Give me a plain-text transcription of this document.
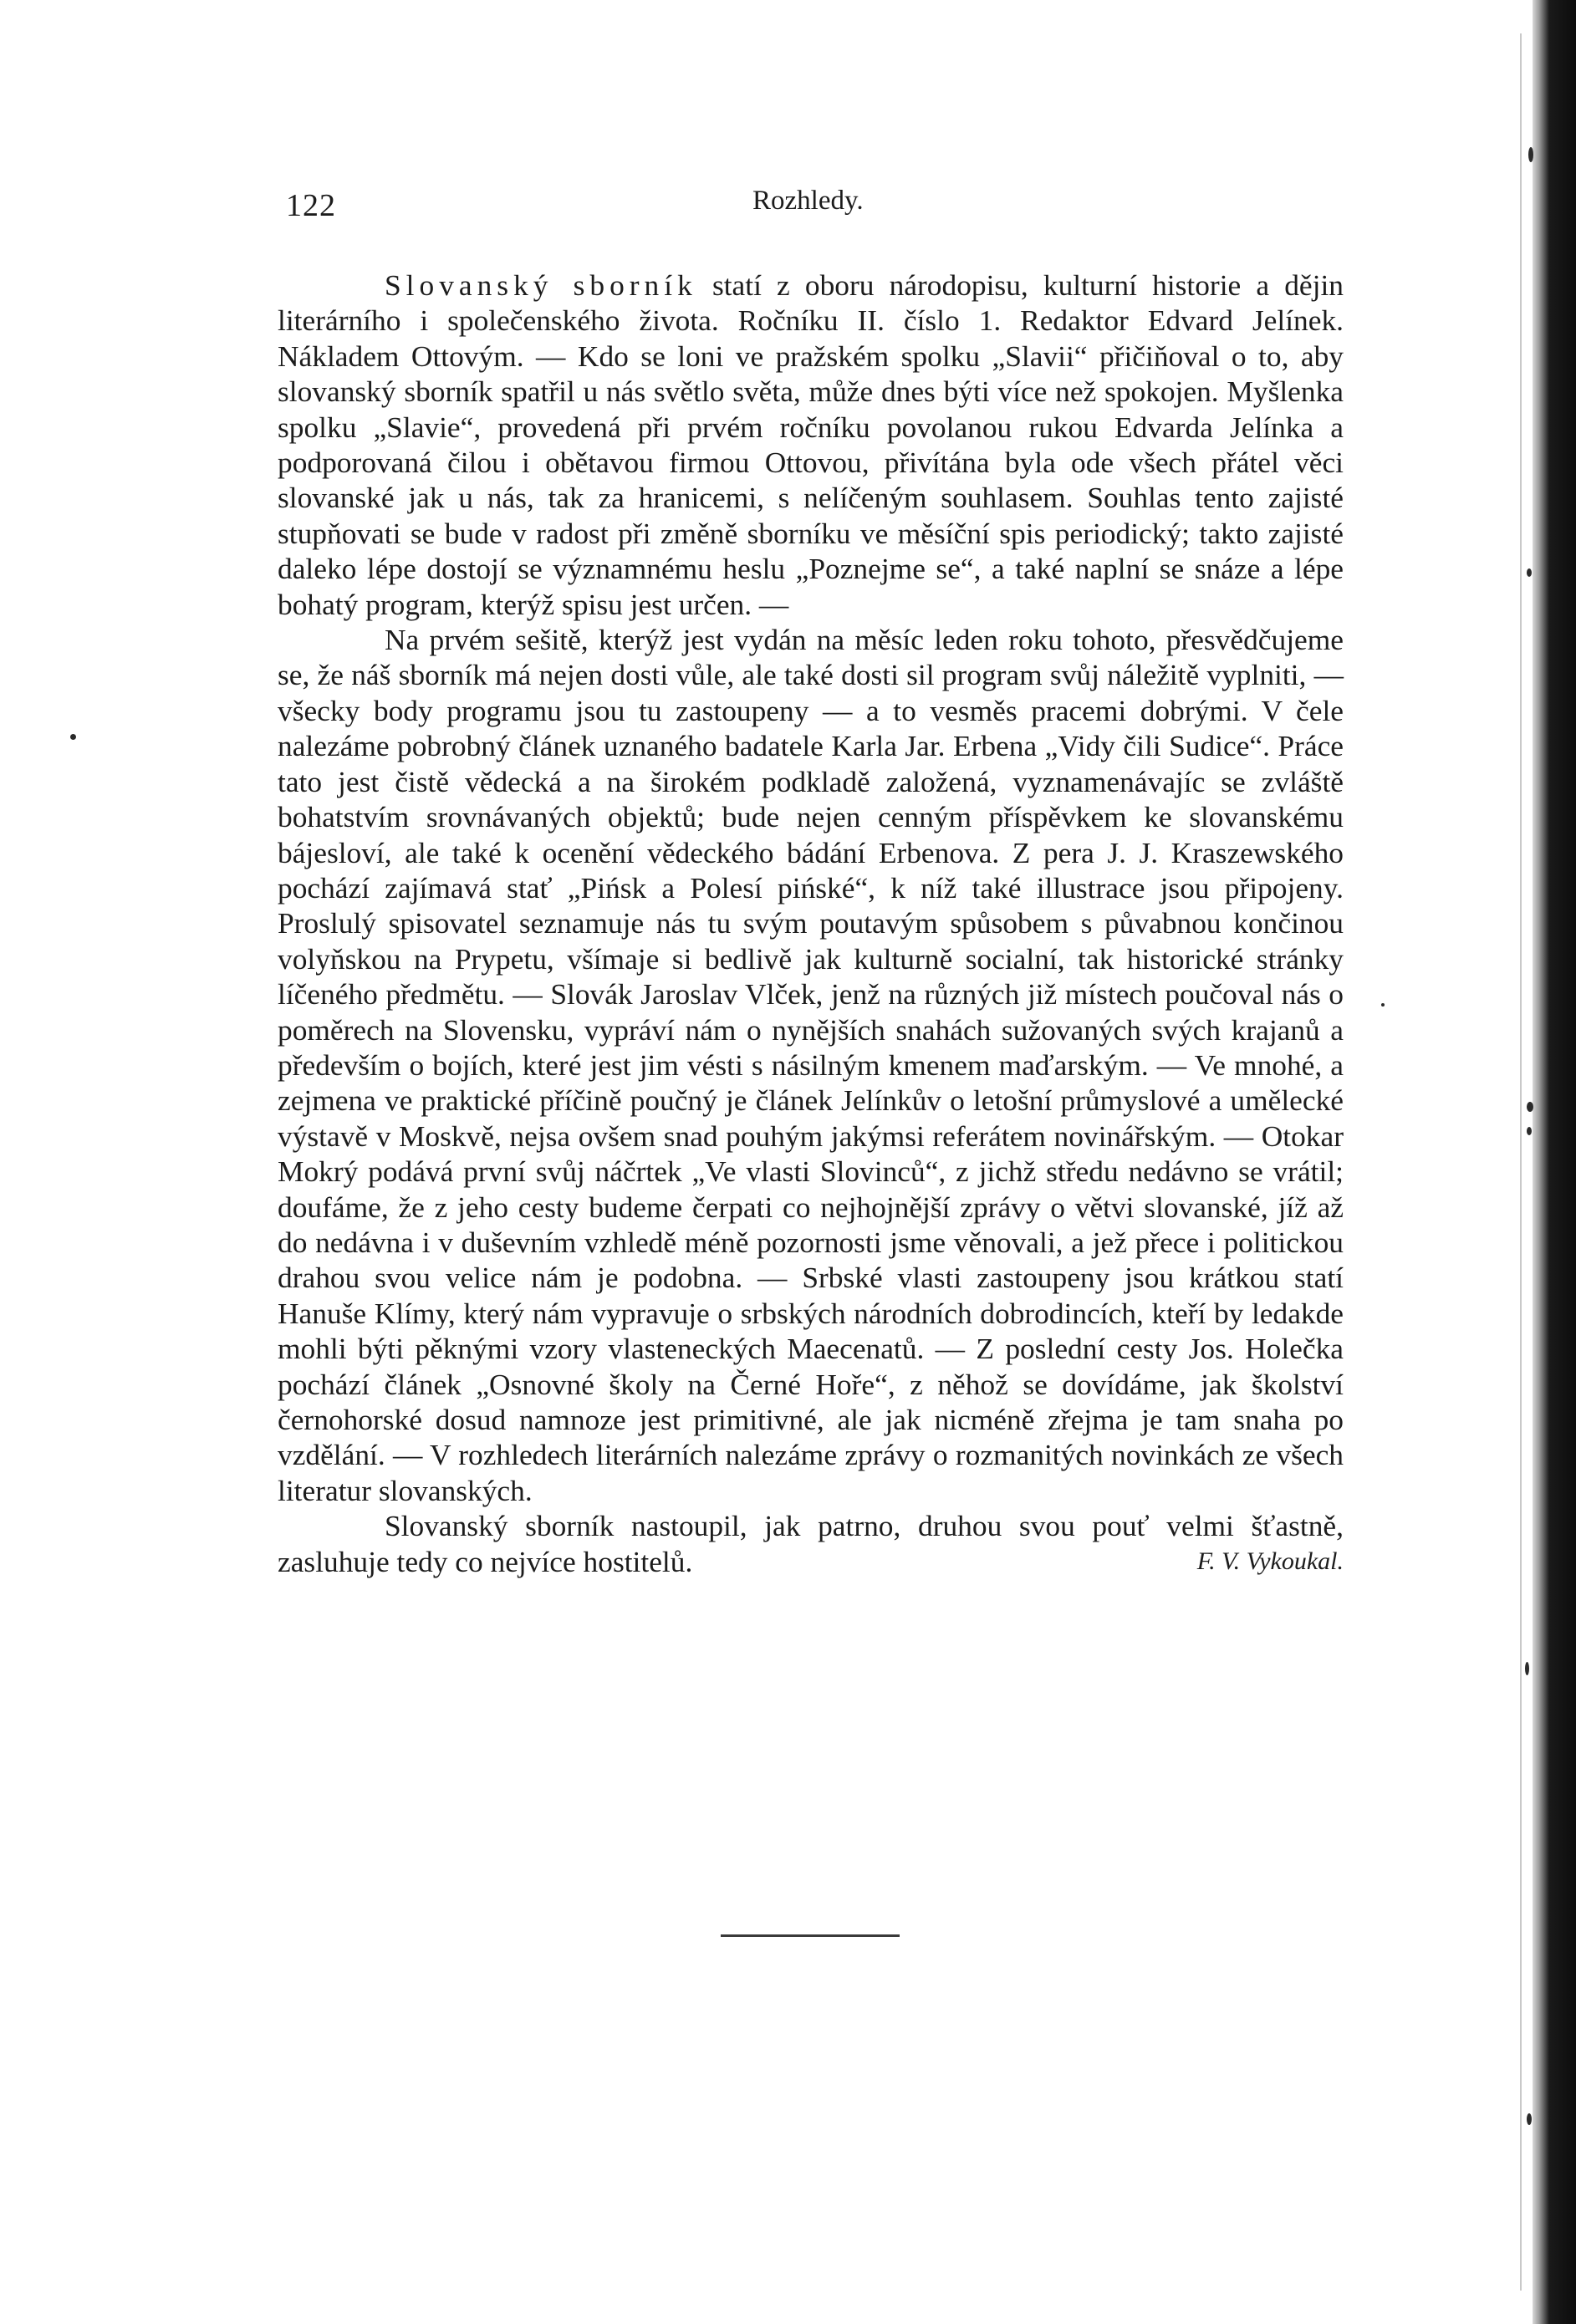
122	Rozhledy.

Slovanský sborník statí z oboru národopisu, kulturní historie a dějin literárního i společenského života. Ročníku II. číslo 1. Redaktor Edvard Jelínek. Nákladem Ottovým. — Kdo se loni ve pražském spolku „Slavii“ přičiňoval o to, aby slovanský sborník spatřil u nás světlo světa, může dnes býti více než spokojen. Myšlenka spolku „Slavie“, provedená při prvém ročníku povolanou rukou Edvarda Jelínka a podporovaná čilou i obětavou firmou Ottovou, přivítána byla ode všech přátel věci slovanské jak u nás, tak za hranicemi, s nelíčeným souhlasem. Souhlas tento zajisté stupňovati se bude v radost při změně sborníku ve měsíční spis periodický; takto zajisté daleko lépe dostojí se významnému heslu „Poznejme se“, a také naplní se snáze a lépe bohatý program, kterýž spisu jest určen. —

Na prvém sešitě, kterýž jest vydán na měsíc leden roku tohoto, přesvědčujeme se, že náš sborník má nejen dosti vůle, ale také dosti sil program svůj náležitě vyplniti, — všecky body programu jsou tu zastoupeny — a to vesměs pracemi dobrými. V čele nalezáme pobrobný článek uznaného badatele Karla Jar. Erbena „Vidy čili Sudice“. Práce tato jest čistě vědecká a na širokém podkladě založená, vyznamenávajíc se zvláště bohatstvím srovnávaných objektů; bude nejen cenným příspěvkem ke slovanskému bájesloví, ale také k ocenění vědeckého bádání Erbenova. Z pera J. J. Kraszewského pochází zajímavá stať „Pińsk a Polesí pińské“, k níž také illustrace jsou připojeny. Proslulý spisovatel seznamuje nás tu svým poutavým spůsobem s půvabnou končinou volyňskou na Prypetu, všímaje si bedlivě jak kulturně socialní, tak historické stránky líčeného předmětu. — Slovák Jaroslav Vlček, jenž na různých již místech poučoval nás o poměrech na Slovensku, vypráví nám o nynějších snahách sužovaných svých krajanů a především o bojích, které jest jim vésti s násilným kmenem maďarským. — Ve mnohé, a zejmena ve praktické příčině poučný je článek Jelínkův o letošní průmyslové a umělecké výstavě v Moskvě, nejsa ovšem snad pouhým jakýmsi referátem novinářským. — Otokar Mokrý podává první svůj náčrtek „Ve vlasti Slovinců“, z jichž středu nedávno se vrátil; doufáme, že z jeho cesty budeme čerpati co nejhojnější zprávy o větvi slovanské, jíž až do nedávna i v duševním vzhledě méně pozornosti jsme věnovali, a jež přece i politickou drahou svou velice nám je podobna. — Srbské vlasti zastoupeny jsou krátkou statí Hanuše Klímy, který nám vypravuje o srbských národních dobrodincích, kteří by ledakde mohli býti pěknými vzory vlasteneckých Maecenatů. — Z poslední cesty Jos. Holečka pochází článek „Osnovné školy na Černé Hoře“, z něhož se dovídáme, jak školství černohorské dosud namnoze jest primitivné, ale jak nicméně zřejma je tam snaha po vzdělání. — V rozhledech literárních nalezáme zprávy o rozmanitých novinkách ze všech literatur slovanských.

Slovanský sborník nastoupil, jak patrno, druhou svou pouť velmi šťastně, zasluhuje tedy co nejvíce hostitelů.	F. V. Vykoukal.
